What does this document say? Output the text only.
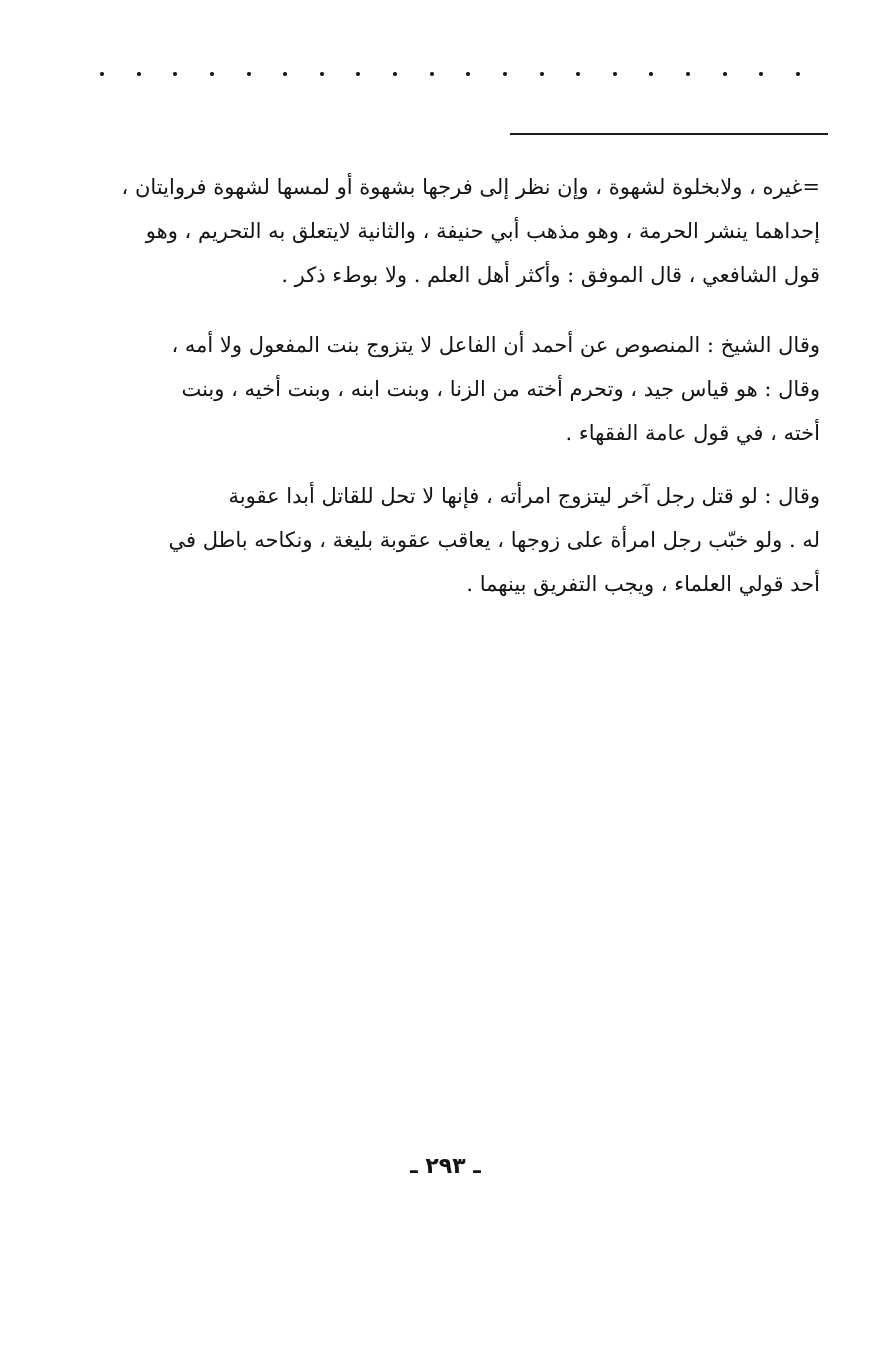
=غيره ، ولابخلوة لشهوة ، وإن نظر إلى فرجها بشهوة أو لمسها لشهوة فروايتان ،
إحداهما ينشر الحرمة ، وهو مذهب أبي حنيفة ، والثانية لايتعلق به التحريم ، وهو
قول الشافعي ، قال الموفق : وأكثر أهل العلم . ولا بوطء ذكر .
وقال الشيخ : المنصوص عن أحمد أن الفاعل لا يتزوج بنت المفعول ولا أمه ،
وقال : هو قياس جيد ، وتحرم أخته من الزنا ، وبنت ابنه ، وبنت أخيه ، وبنت
أخته ، في قول عامة الفقهاء .
وقال : لو قتل رجل آخر ليتزوج امرأته ، فإنها لا تحل للقاتل أبدا عقوبة
له . ولو خبّب رجل امرأة على زوجها ، يعاقب عقوبة بليغة ، ونكاحه باطل في
أحد قولي العلماء ، ويجب التفريق بينهما .
ـ ٢٩٣ ـ
